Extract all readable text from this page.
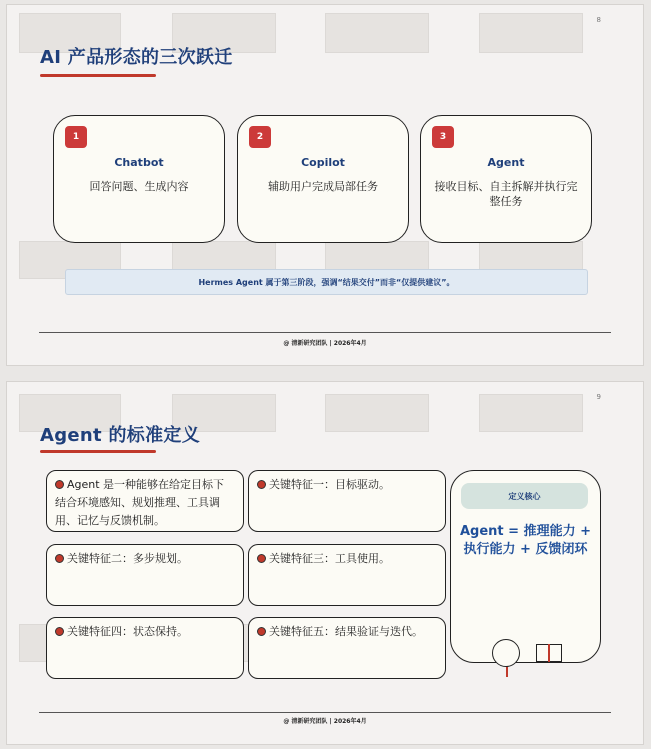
8
AI 产品形态的三次跃迁
1
Chatbot
回答问题、生成内容
2
Copilot
辅助用户完成局部任务
3
Agent
接收目标、自主拆解并执行完整任务
Hermes Agent 属于第三阶段，强调“结果交付”而非“仅提供建议”。
@ 清新研究团队 | 2026年4月
9
Agent 的标准定义
Agent 是一种能够在给定目标下结合环境感知、规划推理、工具调用、记忆与反馈机制。
关键特征一：目标驱动。
关键特征二：多步规划。	关键特征三：工具使用。
关键特征四：状态保持。	关键特征五：结果验证与迭代。
定义核心
Agent = 推理能力 + 执行能力 + 反馈闭环
@ 清新研究团队 | 2026年4月
